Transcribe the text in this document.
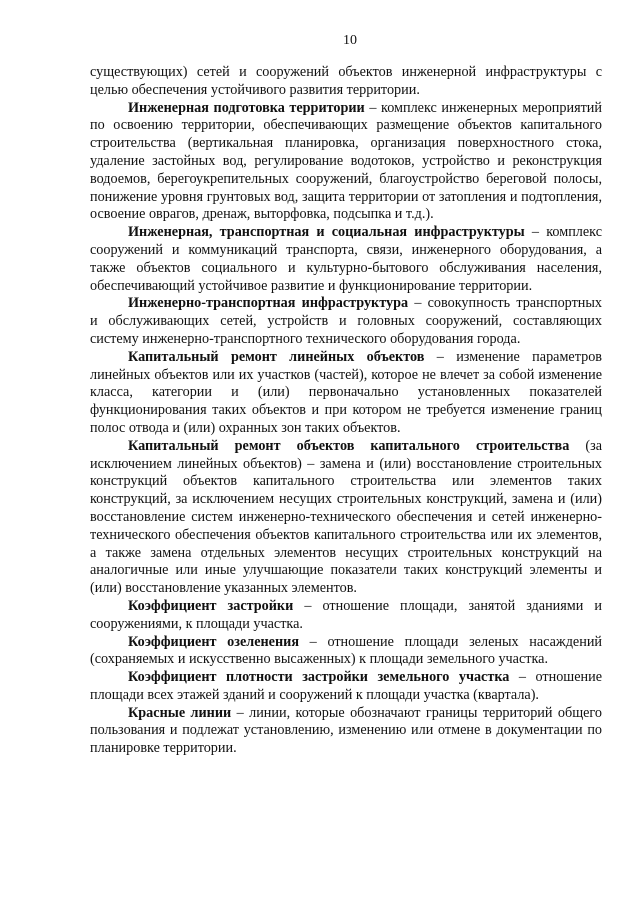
10

существующих) сетей и сооружений объектов инженерной инфраструктуры с целью обеспечения устойчивого развития территории.

Инженерная подготовка территории – комплекс инженерных мероприятий по освоению территории, обеспечивающих размещение объектов капитального строительства (вертикальная планировка, организация поверхностного стока, удаление застойных вод, регулирование водотоков, устройство и реконструкция водоемов, берегоукрепительных сооружений, благоустройство береговой полосы, понижение уровня грунтовых вод, защита территории от затопления и подтопления, освоение оврагов, дренаж, выторфовка, подсыпка и т.д.).

Инженерная, транспортная и социальная инфраструктуры – комплекс сооружений и коммуникаций транспорта, связи, инженерного оборудования, а также объектов социального и культурно-бытового обслуживания населения, обеспечивающий устойчивое развитие и функционирование территории.

Инженерно-транспортная инфраструктура – совокупность транспортных и обслуживающих сетей, устройств и головных сооружений, составляющих систему инженерно-транспортного технического оборудования города.

Капитальный ремонт линейных объектов – изменение параметров линейных объектов или их участков (частей), которое не влечет за собой изменение класса, категории и (или) первоначально установленных показателей функционирования таких объектов и при котором не требуется изменение границ полос отвода и (или) охранных зон таких объектов.

Капитальный ремонт объектов капитального строительства (за исключением линейных объектов) – замена и (или) восстановление строительных конструкций объектов капитального строительства или элементов таких конструкций, за исключением несущих строительных конструкций, замена и (или) восстановление систем инженерно-технического обеспечения и сетей инженерно-технического обеспечения объектов капитального строительства или их элементов, а также замена отдельных элементов несущих строительных конструкций на аналогичные или иные улучшающие показатели таких конструкций элементы и (или) восстановление указанных элементов.

Коэффициент застройки – отношение площади, занятой зданиями и сооружениями, к площади участка.

Коэффициент озеленения – отношение площади зеленых насаждений (сохраняемых и искусственно высаженных) к площади земельного участка.

Коэффициент плотности застройки земельного участка – отношение площади всех этажей зданий и сооружений к площади участка (квартала).

Красные линии – линии, которые обозначают границы территорий общего пользования и подлежат установлению, изменению или отмене в документации по планировке территории.
